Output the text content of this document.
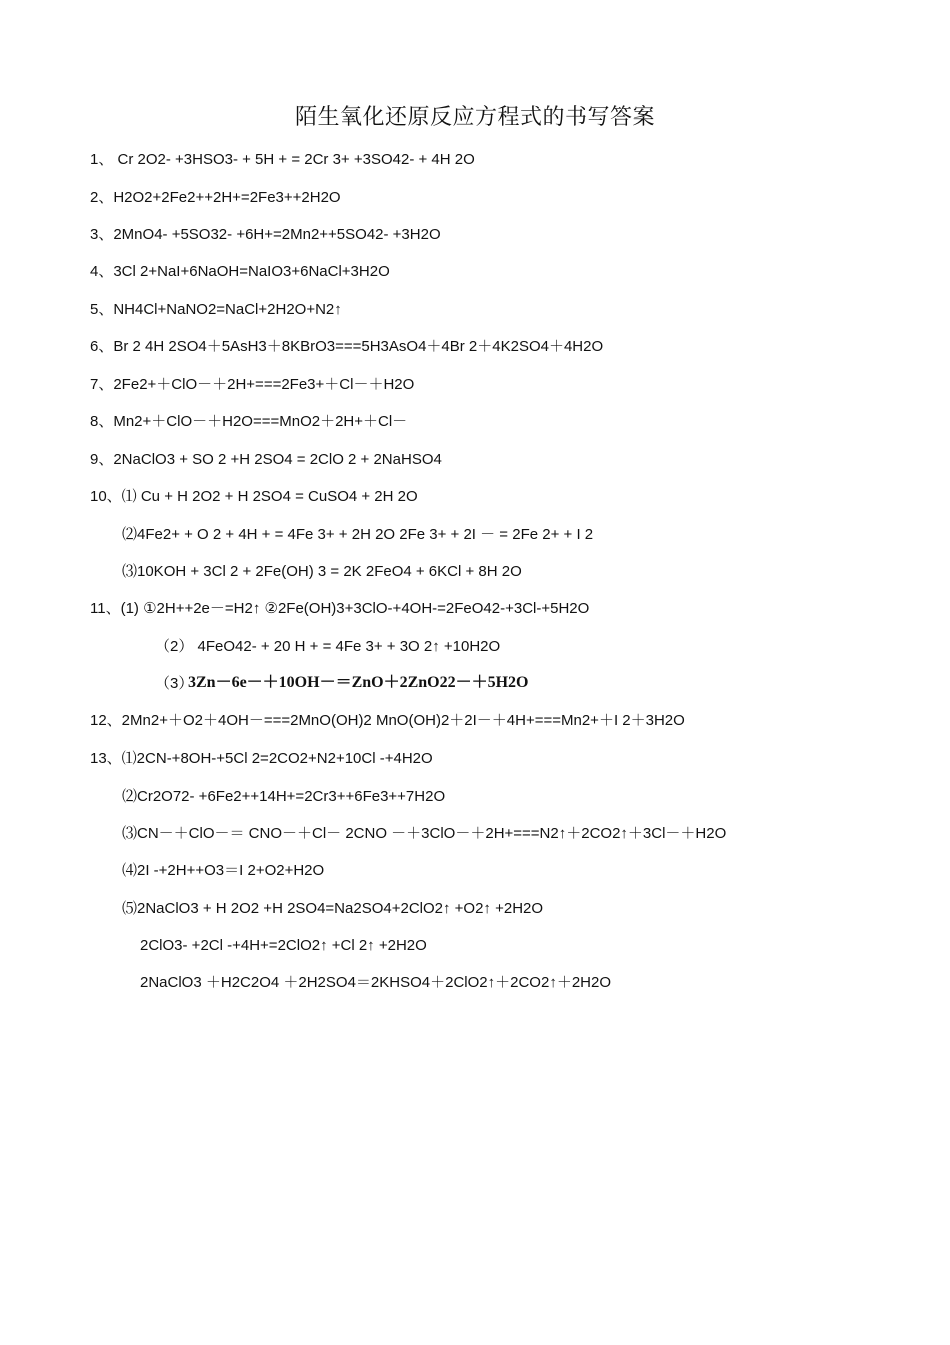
陌生氧化还原反应方程式的书写答案
1、 Cr 2O2- +3HSO3- + 5H + = 2Cr 3+ +3SO42- + 4H 2O
2、H2O2+2Fe2++2H+=2Fe3++2H2O
3、2MnO4- +5SO32- +6H+=2Mn2++5SO42- +3H2O
4、3Cl 2+NaI+6NaOH=NaIO3+6NaCl+3H2O
5、NH4Cl+NaNO2=NaCl+2H2O+N2↑
6、Br 2 4H 2SO4＋5AsH3＋8KBrO3===5H3AsO4＋4Br 2＋4K2SO4＋4H2O
7、2Fe2+＋ClO－＋2H+===2Fe3+＋Cl－＋H2O
8、Mn2+＋ClO－＋H2O===MnO2＋2H+＋Cl－
9、2NaClO3 + SO 2 +H 2SO4 = 2ClO 2 + 2NaHSO4
10、⑴ Cu + H 2O2 + H 2SO4 = CuSO4 + 2H 2O
⑵4Fe2+ + O 2 + 4H + = 4Fe 3+ + 2H 2O 2Fe 3+ + 2I － = 2Fe 2+ + I 2
⑶10KOH + 3Cl 2 + 2Fe(OH) 3 = 2K 2FeO4 + 6KCl + 8H 2O
11、(1) ①2H++2e－=H2↑ ②2Fe(OH)3+3ClO-+4OH-=2FeO42-+3Cl-+5H2O
（2） 4FeO42- + 20 H + = 4Fe 3+ + 3O 2↑ +10H2O
（3）
3Zn－6e－＋10OH－＝ZnO＋2ZnO22－＋5H2O
12、2Mn2+＋O2＋4OH－===2MnO(OH)2 MnO(OH)2＋2I－＋4H+===Mn2+＋I 2＋3H2O
13、⑴2CN-+8OH-+5Cl 2=2CO2+N2+10Cl -+4H2O
⑵Cr2O72- +6Fe2++14H+=2Cr3++6Fe3++7H2O
⑶CN－＋ClO－＝ CNO－＋Cl－ 2CNO －＋3ClO－＋2H+===N2↑＋2CO2↑＋3Cl－＋H2O
⑷2I -+2H++O3＝I 2+O2+H2O
⑸2NaClO3 + H 2O2 +H 2SO4=Na2SO4+2ClO2↑ +O2↑ +2H2O
2ClO3- +2Cl -+4H+=2ClO2↑ +Cl 2↑ +2H2O
2NaClO3 ＋H2C2O4 ＋2H2SO4＝2KHSO4＋2ClO2↑＋2CO2↑＋2H2O
